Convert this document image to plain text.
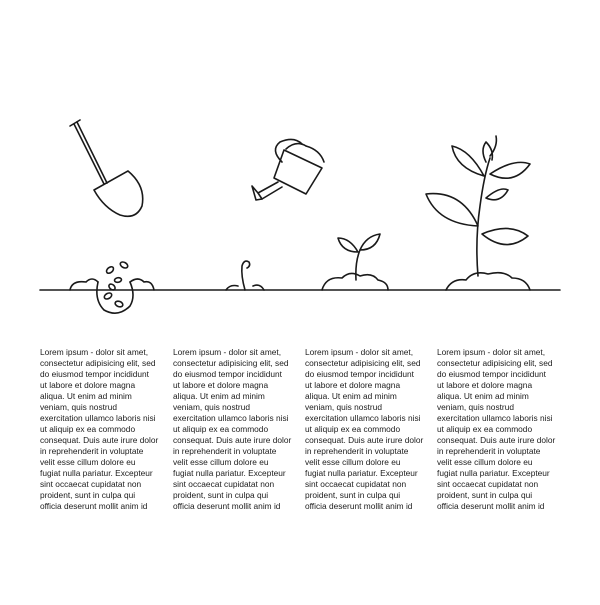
Lorem ipsum - dolor sit amet,
consectetur adipisicing elit, sed
do eiusmod tempor incididunt
ut labore et dolore magna
aliqua. Ut enim ad minim
veniam, quis nostrud
exercitation ullamco laboris nisi
ut aliquip ex ea commodo
consequat. Duis aute irure dolor
in reprehenderit in voluptate
velit esse cillum dolore eu
fugiat nulla pariatur. Excepteur
sint occaecat cupidatat non
proident, sunt in culpa qui
officia deserunt mollit anim id

Lorem ipsum - dolor sit amet,
consectetur adipisicing elit, sed
do eiusmod tempor incididunt
ut labore et dolore magna
aliqua. Ut enim ad minim
veniam, quis nostrud
exercitation ullamco laboris nisi
ut aliquip ex ea commodo
consequat. Duis aute irure dolor
in reprehenderit in voluptate
velit esse cillum dolore eu
fugiat nulla pariatur. Excepteur
sint occaecat cupidatat non
proident, sunt in culpa qui
officia deserunt mollit anim id

Lorem ipsum - dolor sit amet,
consectetur adipisicing elit, sed
do eiusmod tempor incididunt
ut labore et dolore magna
aliqua. Ut enim ad minim
veniam, quis nostrud
exercitation ullamco laboris nisi
ut aliquip ex ea commodo
consequat. Duis aute irure dolor
in reprehenderit in voluptate
velit esse cillum dolore eu
fugiat nulla pariatur. Excepteur
sint occaecat cupidatat non
proident, sunt in culpa qui
officia deserunt mollit anim id

Lorem ipsum - dolor sit amet,
consectetur adipisicing elit, sed
do eiusmod tempor incididunt
ut labore et dolore magna
aliqua. Ut enim ad minim
veniam, quis nostrud
exercitation ullamco laboris nisi
ut aliquip ex ea commodo
consequat. Duis aute irure dolor
in reprehenderit in voluptate
velit esse cillum dolore eu
fugiat nulla pariatur. Excepteur
sint occaecat cupidatat non
proident, sunt in culpa qui
officia deserunt mollit anim id
